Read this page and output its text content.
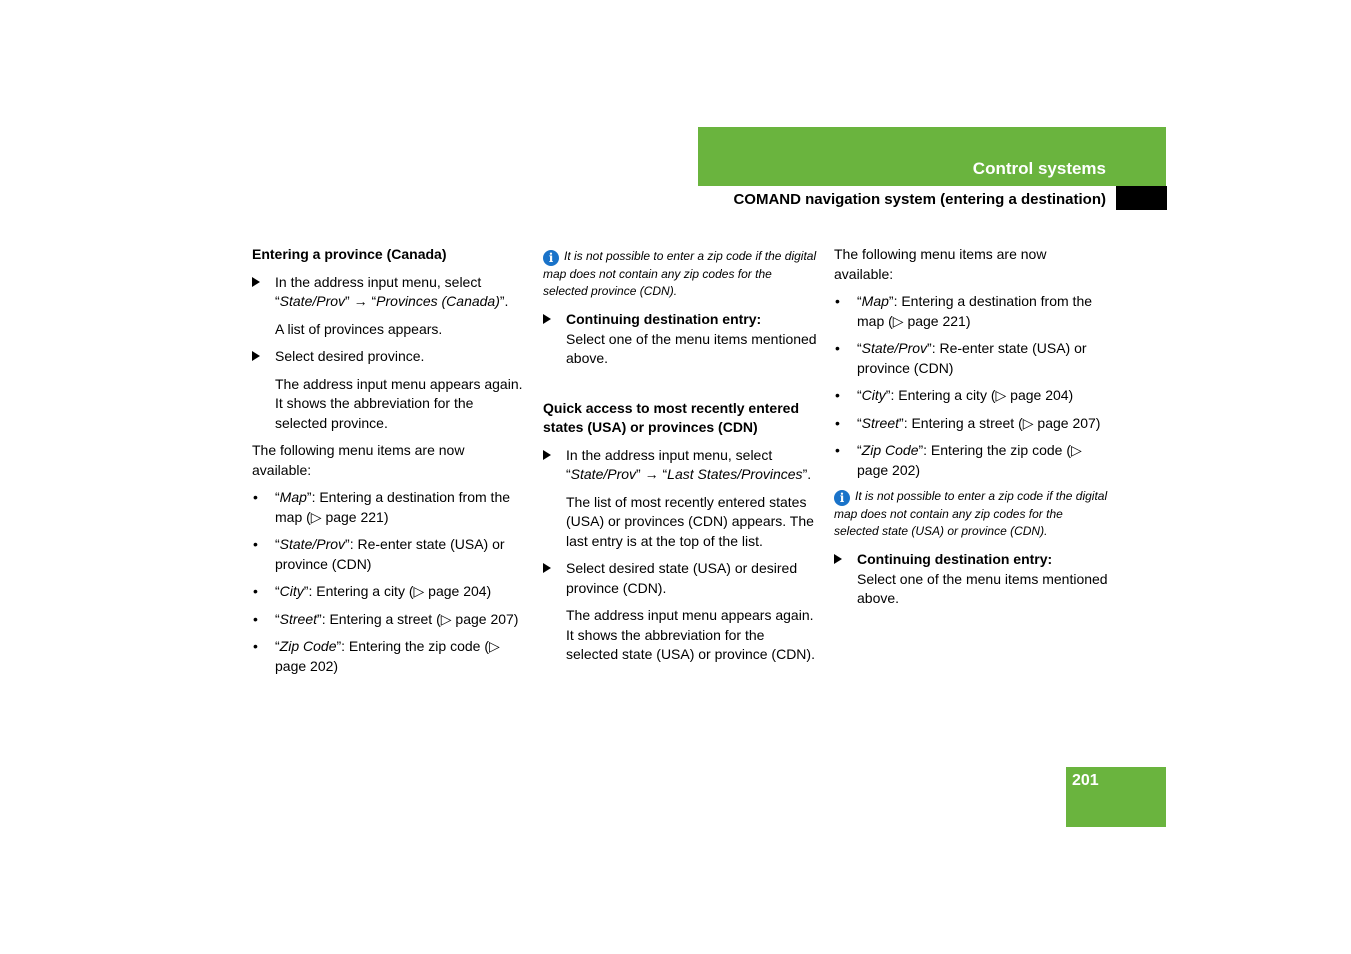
Control systems
COMAND navigation system (entering a destination)
Entering a province (Canada)
In the address input menu, select “State/Prov” → “Provinces (Canada)”.
A list of provinces appears.
Select desired province.
The address input menu appears again. It shows the abbreviation for the selected province.
The following menu items are now available:
• “Map”: Entering a destination from the map (▷ page 221)
• “State/Prov”: Re-enter state (USA) or province (CDN)
• “City”: Entering a city (▷ page 204)
• “Street”: Entering a street (▷ page 207)
• “Zip Code”: Entering the zip code (▷ page 202)
i It is not possible to enter a zip code if the digital map does not contain any zip codes for the selected province (CDN).
Continuing destination entry:
Select one of the menu items mentioned above.
Quick access to most recently entered states (USA) or provinces (CDN)
In the address input menu, select “State/Prov” → “Last States/Provinces”.
The list of most recently entered states (USA) or provinces (CDN) appears. The last entry is at the top of the list.
Select desired state (USA) or desired province (CDN).
The address input menu appears again. It shows the abbreviation for the selected state (USA) or province (CDN).
The following menu items are now available:
• “Map”: Entering a destination from the map (▷ page 221)
• “State/Prov”: Re-enter state (USA) or province (CDN)
• “City”: Entering a city (▷ page 204)
• “Street”: Entering a street (▷ page 207)
• “Zip Code”: Entering the zip code (▷ page 202)
i It is not possible to enter a zip code if the digital map does not contain any zip codes for the selected state (USA) or province (CDN).
Continuing destination entry:
Select one of the menu items mentioned above.
201
